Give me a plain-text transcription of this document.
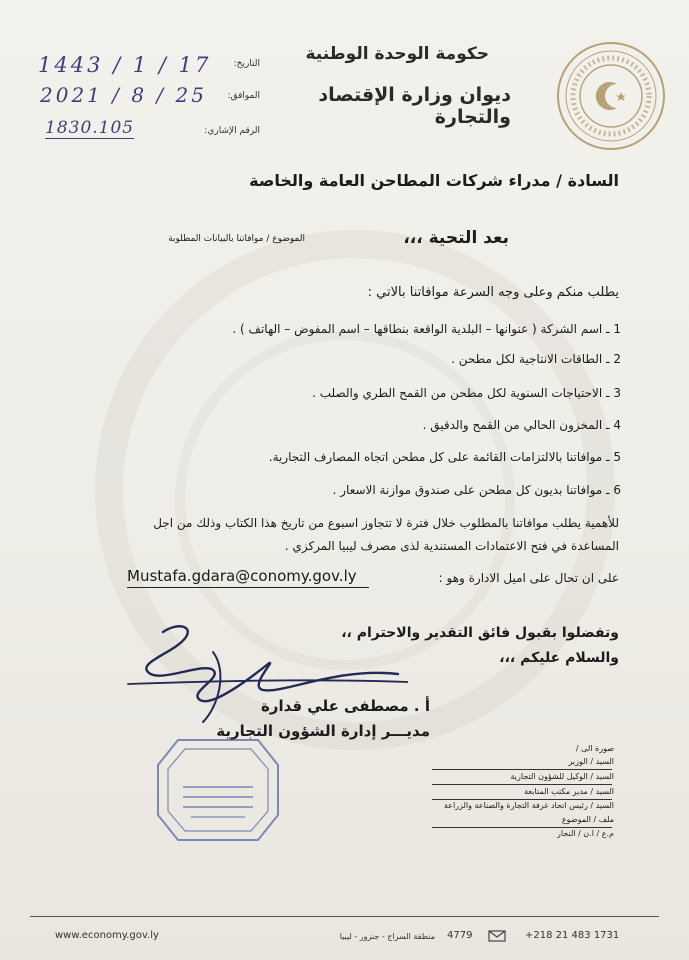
حكومة الوحدة الوطنية
ديوان وزارة الإقتصاد والتجارة
التاريخ:
1443 / 1 / 17
الموافق:
2021 / 8 / 25
الرقم الإشاري:
1830.105
السادة / مدراء شركات المطاحن العامة والخاصة
الموضوع / موافاتنا بالبيانات المطلوبة	بعد التحية ،،،
يطلب منكم وعلى وجه السرعة موافاتنا بالاتي :
1 ـ اسم الشركة ( عنوانها – البلدية الواقعة بنطاقها – اسم المفوض – الهاتف ) .
2 ـ الطاقات الانتاجية لكل مطحن .
3 ـ الاحتياجات السنوية لكل مطحن من القمح الطري والصلب .
4 ـ المخزون الحالي من القمح والدقيق .
5 ـ موافاتنا بالالتزامات القائمة على كل مطحن اتجاه المصارف التجارية.
6 ـ موافاتنا بديون كل مطحن على صندوق موازنة الاسعار .
للأهمية يطلب موافاتنا بالمطلوب خلال فترة لا تتجاوز اسبوع من تاريخ هذا الكتاب وذلك من اجل
المساعدة في فتح الاعتمادات المستندية لذى مصرف ليبيا المركزي .
على ان تحال على اميل الادارة وهو :
Mustafa.gdara@conomy.gov.ly
وتفضلوا بقبول فائق التقدير والاحترام ،،
والسلام عليكم ،،،
أ . مصطفى علي قدارة
مديـــر إدارة الشؤون التجارية
صورة الى /
السيد / الوزير
السيد / الوكيل للشؤون التجارية
السيد / مدير مكتب المتابعة
السيد / رئيس اتحاد غرفة التجارة والصناعة والزراعة
ملف / الموضوع
م.ع / ا.ن / النجار
www.economy.gov.ly	منطقة السراج - جنزور - ليبيا 4779	+218 21 483 1731
